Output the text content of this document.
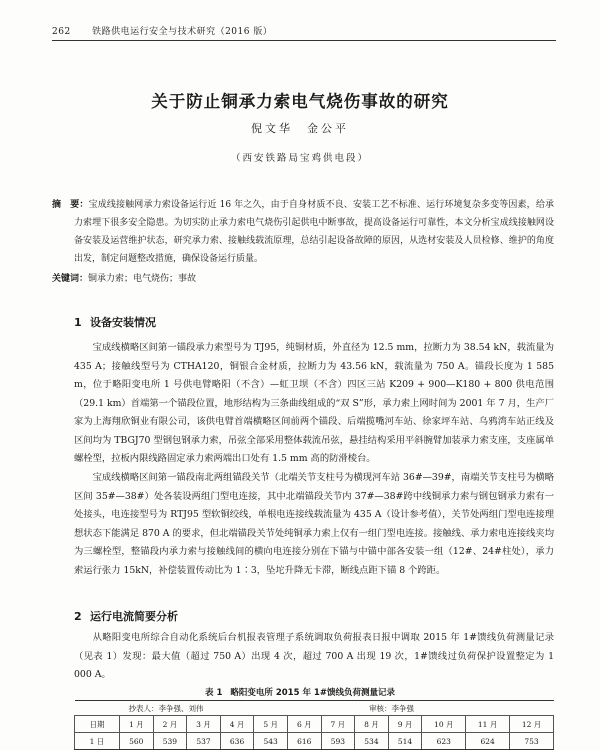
262 铁路供电运行安全与技术研究（2016 版）
关于防止铜承力索电气烧伤事故的研究
倪文华　金公平
（西安铁路局宝鸡供电段）
摘　要：宝成线接触网承力索设备运行近 16 年之久，由于自身材质不良、安装工艺不标准、运行环境复杂多变等因素，给承力索埋下很多安全隐患。为切实防止承力索电气烧伤引起供电中断事故，提高设备运行可靠性，本文分析宝成线接触网设备安装及运营维护状态，研究承力索、接触线载流原理，总结引起设备故障的原因，从选材安装及人员检修、维护的角度出发，制定问题整改措施，确保设备运行质量。
关键词：铜承力索；电气烧伤；事故
1 设备安装情况
宝成线横略区间第一锚段承力索型号为 TJ95，纯铜材质，外直径为 12.5 mm，拉断力为 38.54 kN，载流量为 435 A；接触线型号为 CTHA120，铜银合金材质，拉断力为 43.56 kN，载流量为 750 A。锚段长度为 1 585 m，位于略阳变电所 1 号供电臂略阳（不含）—虹卫坝（不含）四区三站 K209 + 900—K180 + 800 供电范围（29.1 km）首端第一个锚段位置，地形结构为三条曲线组成的“双 S”形，承力索上网时间为 2001 年 7 月，生产厂家为上海翔欣铜业有限公司，该供电臂首端横略区间前两个锚段、后端揽嘴河车站、徐家坪车站、乌鸦湾车站正线及区间均为 TBGJ70 型钢包钢承力索，吊弦全部采用整体载流吊弦，悬挂结构采用平斜腕臂加装承力索支座，支座属单螺栓型，拉板内限线路固定承力索两端出口处有 1.5 mm 高的防滑棱台。
宝成线横略区间第一锚段南北两组锚段关节（北端关节支柱号为横现河车站 36#—39#，南端关节支柱号为横略区间 35#—38#）处各装设两组门型电连接，其中北端锚段关节内 37#—38#跨中线铜承力索与钢包钢承力索有一处接头，电连接型号为 RTJ95 型软铜绞线，单根电连接线载流量为 435 A（设计参考值），关节处两组门型电连接理想状态下能满足 870 A 的要求，但北端锚段关节处纯铜承力索上仅有一组门型电连接。接触线、承力索电连接线夹均为三螺栓型，整锚段内承力索与接触线间的横向电连接分别在下锚与中锚中部各安装一组（12#、24#柱处），承力索运行张力 15kN，补偿装置传动比为 1∶3，坠坨升降无卡滞，断线点距下锚 8 个跨距。
2 运行电流简要分析
从略阳变电所综合自动化系统后台机报表管理子系统调取负荷报表日报中调取 2015 年 1#馈线负荷测量记录（见表 1）发现：最大值（超过 750 A）出现 4 次，超过 700 A 出现 19 次，1#馈线过负荷保护设置整定为 1 000 A。
表 1 略阳变电所 2015 年 1#馈线负荷测量记录
抄表人：李争强、刘伟							审核：李争强					
日期	1 月	2 月	3 月	4 月	5 月	6 月	7 月	8 月	9 月	10 月	11 月	12 月
1 日	560	539	537	636	543	616	593	534	514	623	624	753
